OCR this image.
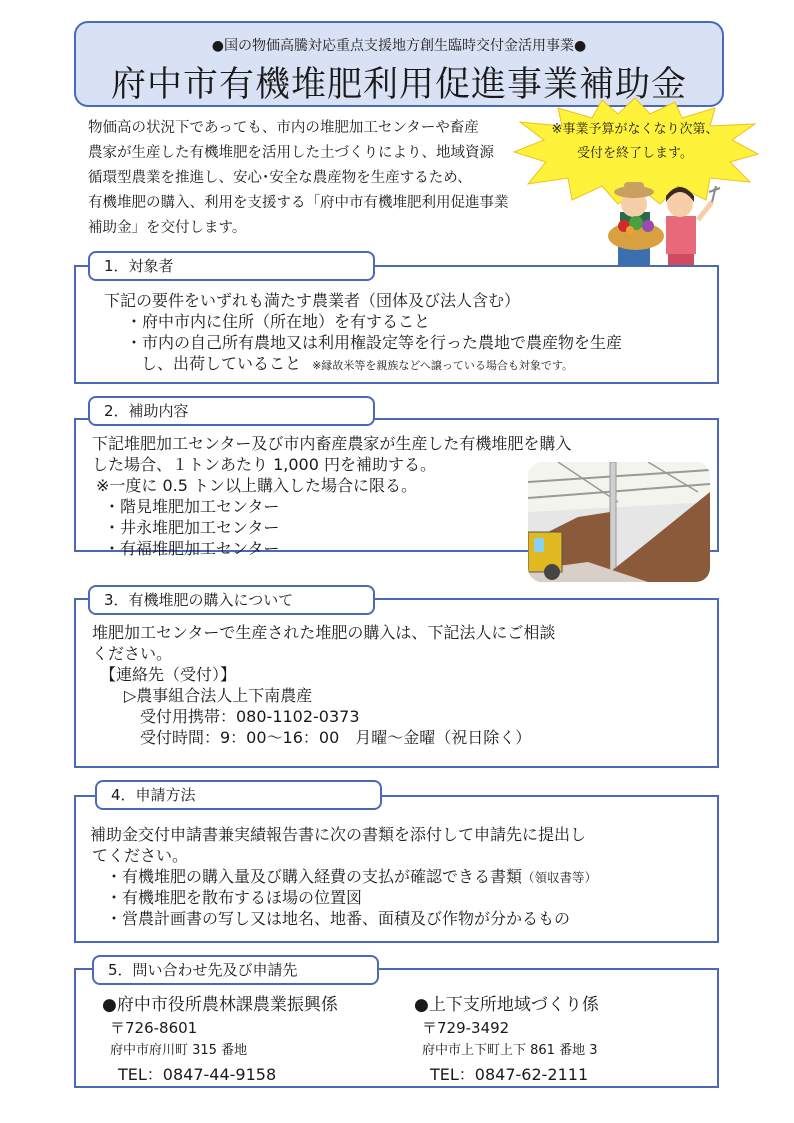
●国の物価高騰対応重点支援地方創生臨時交付金活用事業●
府中市有機堆肥利用促進事業補助金
物価高の状況下であっても、市内の堆肥加工センターや畜産
農家が生産した有機堆肥を活用した土づくりにより、地域資源
循環型農業を推進し、安心･安全な農産物を生産するため、
有機堆肥の購入、利用を支援する「府中市有機堆肥利用促進事業
補助金」を交付します。
※事業予算がなくなり次第、
受付を終了します。
1．対象者
下記の要件をいずれも満たす農業者（団体及び法人含む）
・府中市内に住所（所在地）を有すること
・市内の自己所有農地又は利用権設定等を行った農地で農産物を生産
し、出荷していること ※縁故米等を親族などへ譲っている場合も対象です。
2．補助内容
下記堆肥加工センター及び市内畜産農家が生産した有機堆肥を購入
した場合、１トンあたり 1,000 円を補助する。
※一度に 0.5 トン以上購入した場合に限る。
・階見堆肥加工センター
・井永堆肥加工センター
・有福堆肥加工センター
3．有機堆肥の購入について
堆肥加工センターで生産された堆肥の購入は、下記法人にご相談
ください。
【連絡先（受付）】
▷農事組合法人上下南農産
受付用携帯：080-1102-0373
受付時間：9：00～16：00　月曜～金曜（祝日除く）
4．申請方法
補助金交付申請書兼実績報告書に次の書類を添付して申請先に提出し
てください。
・有機堆肥の購入量及び購入経費の支払が確認できる書類（領収書等）
・有機堆肥を散布するほ場の位置図
・営農計画書の写し又は地名、地番、面積及び作物が分かるもの
5．問い合わせ先及び申請先
●府中市役所農林課農業振興係
〒726-8601
府中市府川町 315 番地
TEL：0847-44-9158
●上下支所地域づくり係
〒729-3492
府中市上下町上下 861 番地 3
TEL：0847-62-2111
